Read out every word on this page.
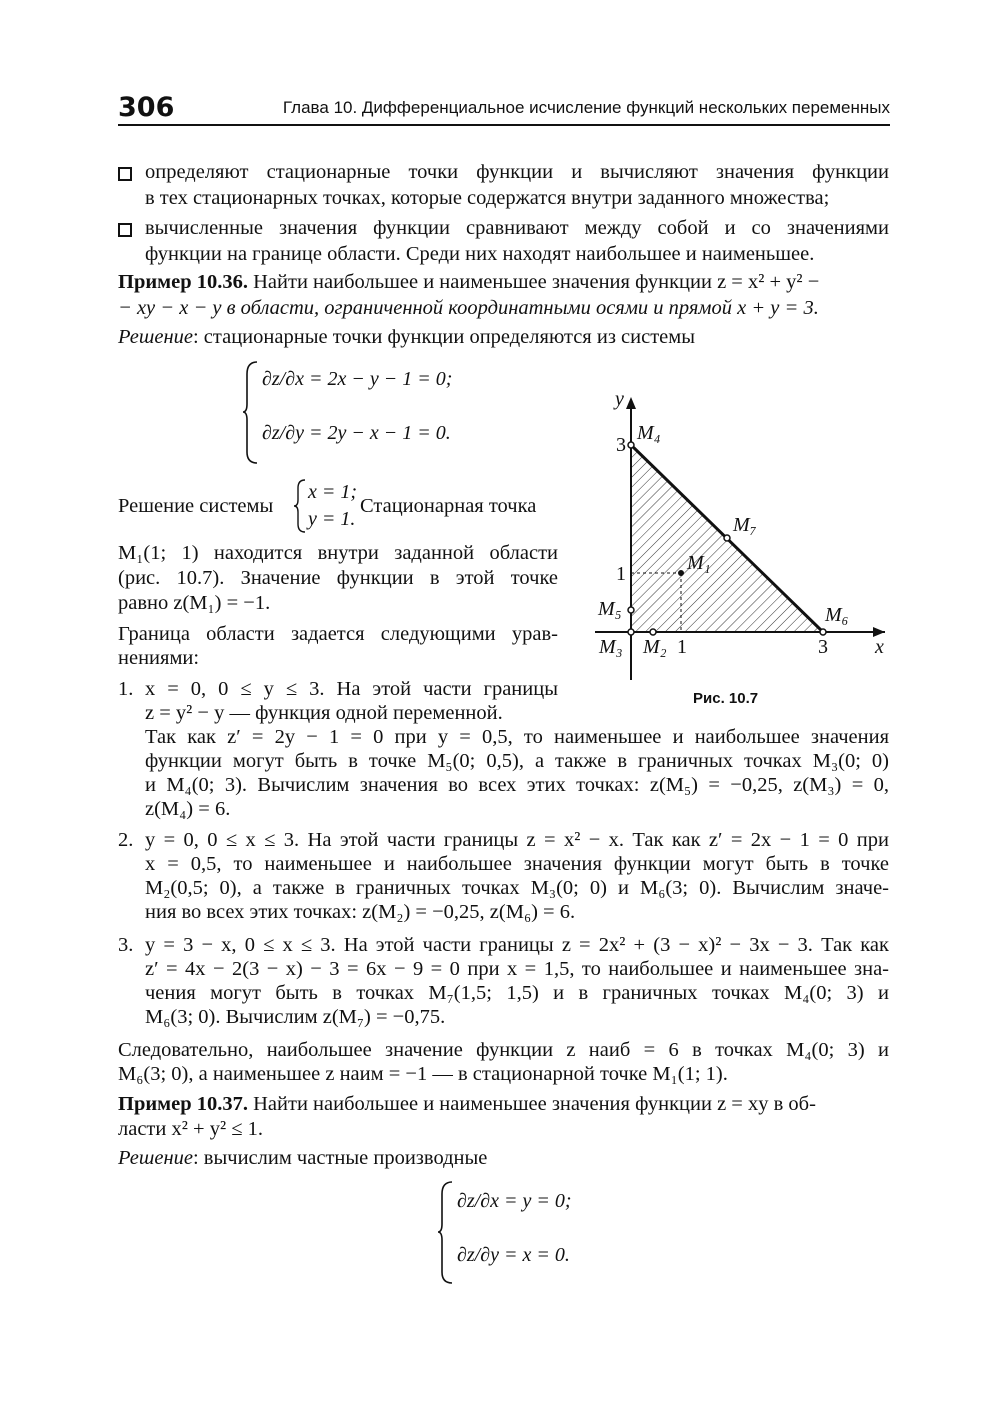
306	Глава 10. Дифференциальное исчисление функций нескольких переменных
определяют стационарные точки функции и вычисляют значения функции
в тех стационарных точках, которые содержатся внутри заданного множества;
вычисленные значения функции сравнивают между собой и со значениями
функции на границе области. Среди них находят наибольшее и наименьшее.
Пример 10.36. Найти наибольшее и наименьшее значения функции z = x² + y² −
− xy − x − y в области, ограниченной координатными осями и прямой x + y = 3.
Решение: стационарные точки функции определяются из системы
∂z/∂x = 2x − y − 1 = 0;
∂z/∂y = 2y − x − 1 = 0.
Решение системы
x = 1;
y = 1.
Стационарная точка
M₁(1; 1) находится внутри заданной области
(рис. 10.7). Значение функции в этой точке
равно z(M₁) = −1.
Граница области задается следующими урав-
нениями:
1. x = 0, 0 ≤ y ≤ 3. На этой части границы
z = y² − y — функция одной переменной.
Так как z′ = 2y − 1 = 0 при y = 0,5, то наименьшее и наибольшее значения
функции могут быть в точке M₅(0; 0,5), а также в граничных точках M₃(0; 0)
и M₄(0; 3). Вычислим значения во всех этих точках: z(M₅) = −0,25, z(M₃) = 0,
z(M₄) = 6.
2. y = 0, 0 ≤ x ≤ 3. На этой части границы z = x² − x. Так как z′ = 2x − 1 = 0 при
x = 0,5, то наименьшее и наибольшее значения функции могут быть в точке
M₂(0,5; 0), а также в граничных точках M₃(0; 0) и M₆(3; 0). Вычислим значе-
ния во всех этих точках: z(M₂) = −0,25, z(M₆) = 6.
3. y = 3 − x, 0 ≤ x ≤ 3. На этой части границы z = 2x² + (3 − x)² − 3x − 3. Так как
z′ = 4x − 2(3 − x) − 3 = 6x − 9 = 0 при x = 1,5, то наибольшее и наименьшее зна-
чения могут быть в точках M₇(1,5; 1,5) и в граничных точках M₄(0; 3) и
M₆(3; 0). Вычислим z(M₇) = −0,75.
Следовательно, наибольшее значение функции z наиб = 6 в точках M₄(0; 3) и
M₆(3; 0), а наименьшее z наим = −1 — в стационарной точке M₁(1; 1).
Пример 10.37. Найти наибольшее и наименьшее значения функции z = xy в об-
ласти x² + y² ≤ 1.
Решение: вычислим частные производные
∂z/∂x = y = 0;
∂z/∂y = x = 0.
x
y
1	3
1
3
M₁
M₂
M₃
M₄
M₅	M₆
M₇
Рис. 10.7
